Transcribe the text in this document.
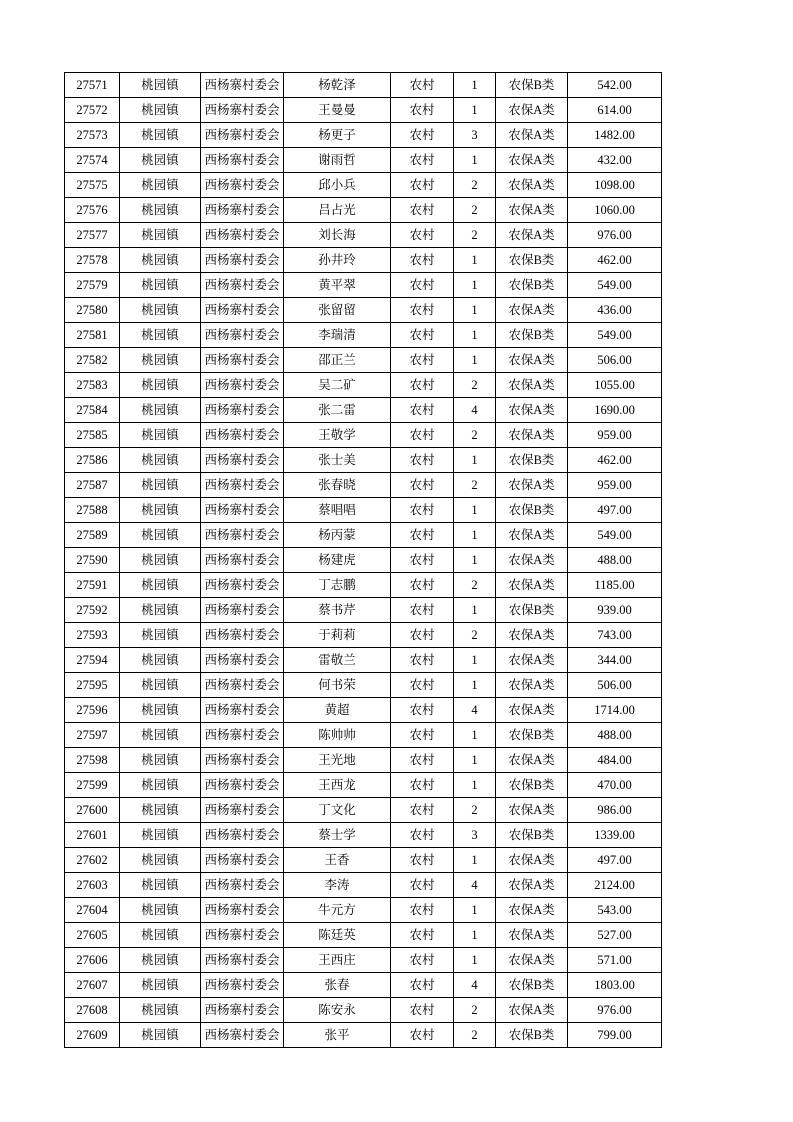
27571	桃园镇	西杨寨村委会	杨乾泽	农村	1	农保B类	542.00
27572	桃园镇	西杨寨村委会	王曼曼	农村	1	农保A类	614.00
27573	桃园镇	西杨寨村委会	杨更子	农村	3	农保A类	1482.00
27574	桃园镇	西杨寨村委会	谢雨哲	农村	1	农保A类	432.00
27575	桃园镇	西杨寨村委会	邱小兵	农村	2	农保A类	1098.00
27576	桃园镇	西杨寨村委会	吕占光	农村	2	农保A类	1060.00
27577	桃园镇	西杨寨村委会	刘长海	农村	2	农保A类	976.00
27578	桃园镇	西杨寨村委会	孙井玲	农村	1	农保B类	462.00
27579	桃园镇	西杨寨村委会	黄平翠	农村	1	农保B类	549.00
27580	桃园镇	西杨寨村委会	张留留	农村	1	农保A类	436.00
27581	桃园镇	西杨寨村委会	李瑞清	农村	1	农保B类	549.00
27582	桃园镇	西杨寨村委会	邵正兰	农村	1	农保A类	506.00
27583	桃园镇	西杨寨村委会	吴二矿	农村	2	农保A类	1055.00
27584	桃园镇	西杨寨村委会	张二雷	农村	4	农保A类	1690.00
27585	桃园镇	西杨寨村委会	王敬学	农村	2	农保A类	959.00
27586	桃园镇	西杨寨村委会	张士美	农村	1	农保B类	462.00
27587	桃园镇	西杨寨村委会	张春晓	农村	2	农保A类	959.00
27588	桃园镇	西杨寨村委会	蔡唱唱	农村	1	农保B类	497.00
27589	桃园镇	西杨寨村委会	杨丙蒙	农村	1	农保A类	549.00
27590	桃园镇	西杨寨村委会	杨建虎	农村	1	农保A类	488.00
27591	桃园镇	西杨寨村委会	丁志鹏	农村	2	农保A类	1185.00
27592	桃园镇	西杨寨村委会	蔡书芹	农村	1	农保B类	939.00
27593	桃园镇	西杨寨村委会	于莉莉	农村	2	农保A类	743.00
27594	桃园镇	西杨寨村委会	雷敬兰	农村	1	农保A类	344.00
27595	桃园镇	西杨寨村委会	何书荣	农村	1	农保A类	506.00
27596	桃园镇	西杨寨村委会	黄超	农村	4	农保A类	1714.00
27597	桃园镇	西杨寨村委会	陈帅帅	农村	1	农保B类	488.00
27598	桃园镇	西杨寨村委会	王光地	农村	1	农保A类	484.00
27599	桃园镇	西杨寨村委会	王西龙	农村	1	农保B类	470.00
27600	桃园镇	西杨寨村委会	丁文化	农村	2	农保A类	986.00
27601	桃园镇	西杨寨村委会	蔡士学	农村	3	农保B类	1339.00
27602	桃园镇	西杨寨村委会	王香	农村	1	农保A类	497.00
27603	桃园镇	西杨寨村委会	李涛	农村	4	农保A类	2124.00
27604	桃园镇	西杨寨村委会	牛元方	农村	1	农保A类	543.00
27605	桃园镇	西杨寨村委会	陈廷英	农村	1	农保A类	527.00
27606	桃园镇	西杨寨村委会	王西庄	农村	1	农保A类	571.00
27607	桃园镇	西杨寨村委会	张春	农村	4	农保B类	1803.00
27608	桃园镇	西杨寨村委会	陈安永	农村	2	农保A类	976.00
27609	桃园镇	西杨寨村委会	张平	农村	2	农保B类	799.00
